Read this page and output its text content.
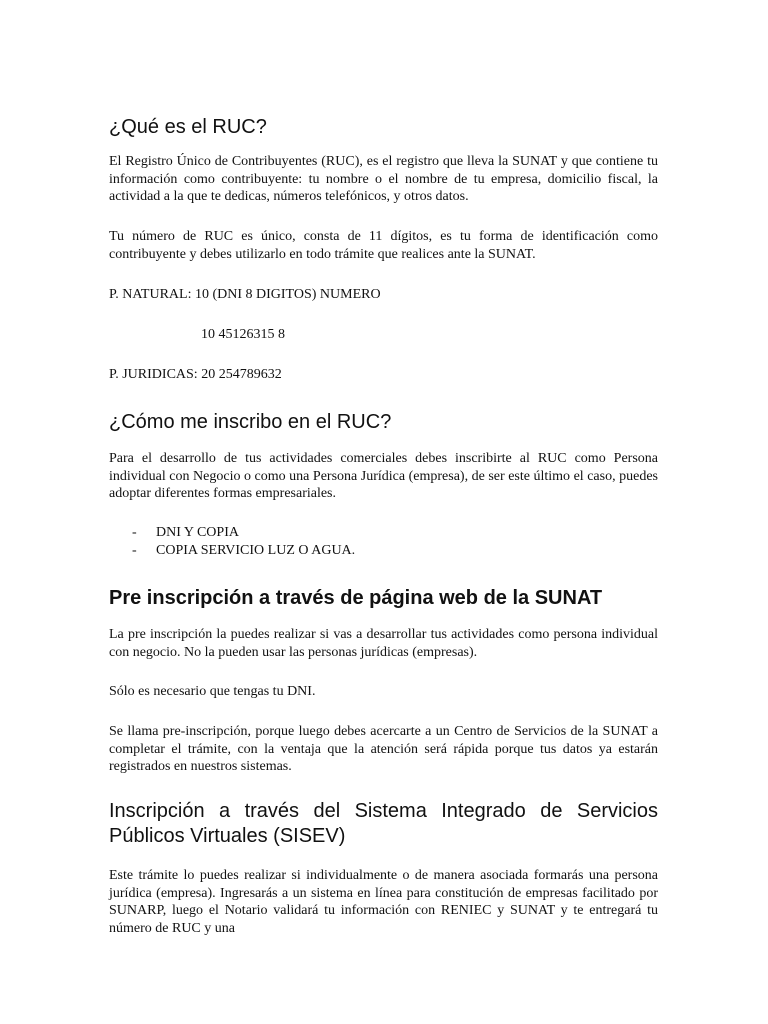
¿Qué es el RUC?

El Registro Único de Contribuyentes (RUC), es el registro que lleva la SUNAT y que contiene tu información como contribuyente: tu nombre o el nombre de tu empresa, domicilio fiscal, la actividad a la que te dedicas, números telefónicos, y otros datos.

Tu número de RUC es único, consta de 11 dígitos, es tu forma de identificación como contribuyente y debes utilizarlo en todo trámite que realices ante la SUNAT.

P. NATURAL: 10 (DNI 8 DIGITOS) NUMERO

10 45126315 8

P. JURIDICAS: 20 254789632

¿Cómo me inscribo en el RUC?

Para el desarrollo de tus actividades comerciales debes inscribirte al RUC como Persona individual con Negocio o como una Persona Jurídica (empresa), de ser este último el caso, puedes adoptar diferentes formas empresariales.

- DNI Y COPIA
- COPIA SERVICIO LUZ O AGUA.
Pre inscripción a través de página web de la SUNAT

La pre inscripción la puedes realizar si vas a desarrollar tus actividades como persona individual con negocio. No la pueden usar las personas jurídicas (empresas).

Sólo es necesario que tengas tu DNI.

Se llama pre-inscripción, porque luego debes acercarte a un Centro de Servicios de la SUNAT a completar el trámite, con la ventaja que la atención será rápida porque tus datos ya estarán registrados en nuestros sistemas.

Inscripción a través del Sistema Integrado de Servicios Públicos Virtuales (SISEV)

Este trámite lo puedes realizar si individualmente o de manera asociada formarás una persona jurídica (empresa). Ingresarás a un sistema en línea para constitución de empresas facilitado por SUNARP, luego el Notario validará tu información con RENIEC y SUNAT y te entregará tu número de RUC y una
